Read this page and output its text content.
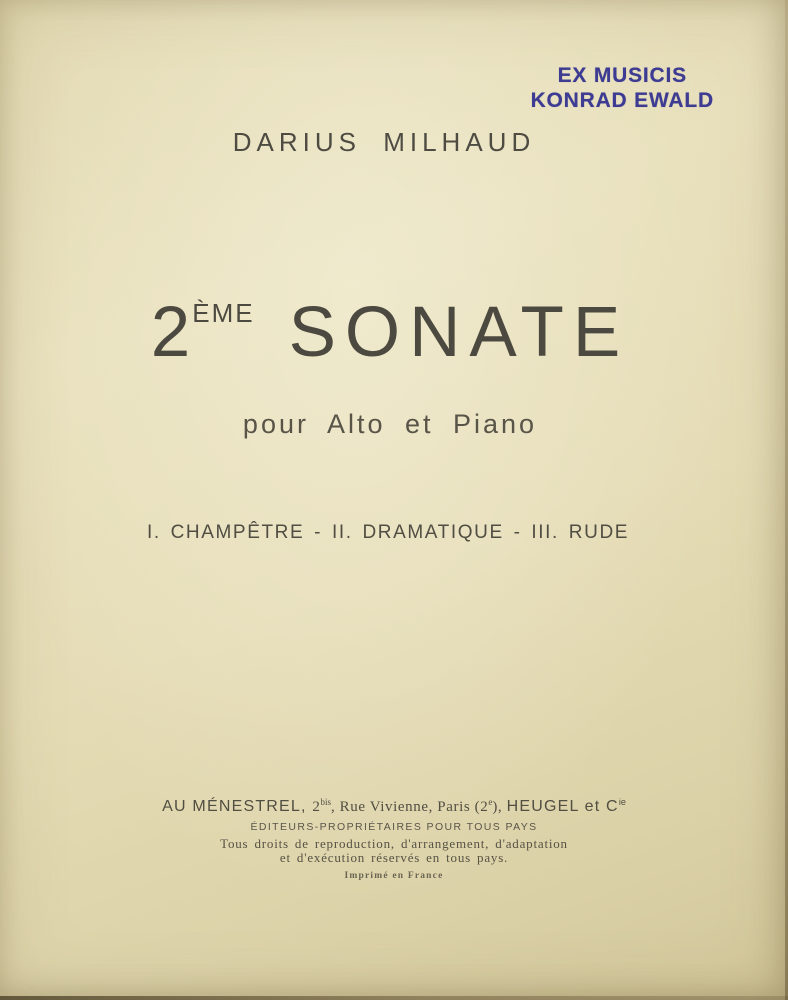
EX MUSICIS
KONRAD EWALD
DARIUS MILHAUD
2ÈME SONATE
pour Alto et Piano
I. CHAMPÊTRE - II. DRAMATIQUE - III. RUDE
AU MÉNESTREL, $2^{bis}$, Rue Vivienne, Paris (2e), HEUGEL et $C^{ie}$
ÉDITEURS-PROPRIÉTAIRES POUR TOUS PAYS
Tous droits de reproduction, d'arrangement, d'adaptation
et d'exécution réservés en tous pays.
Imprimé en France
